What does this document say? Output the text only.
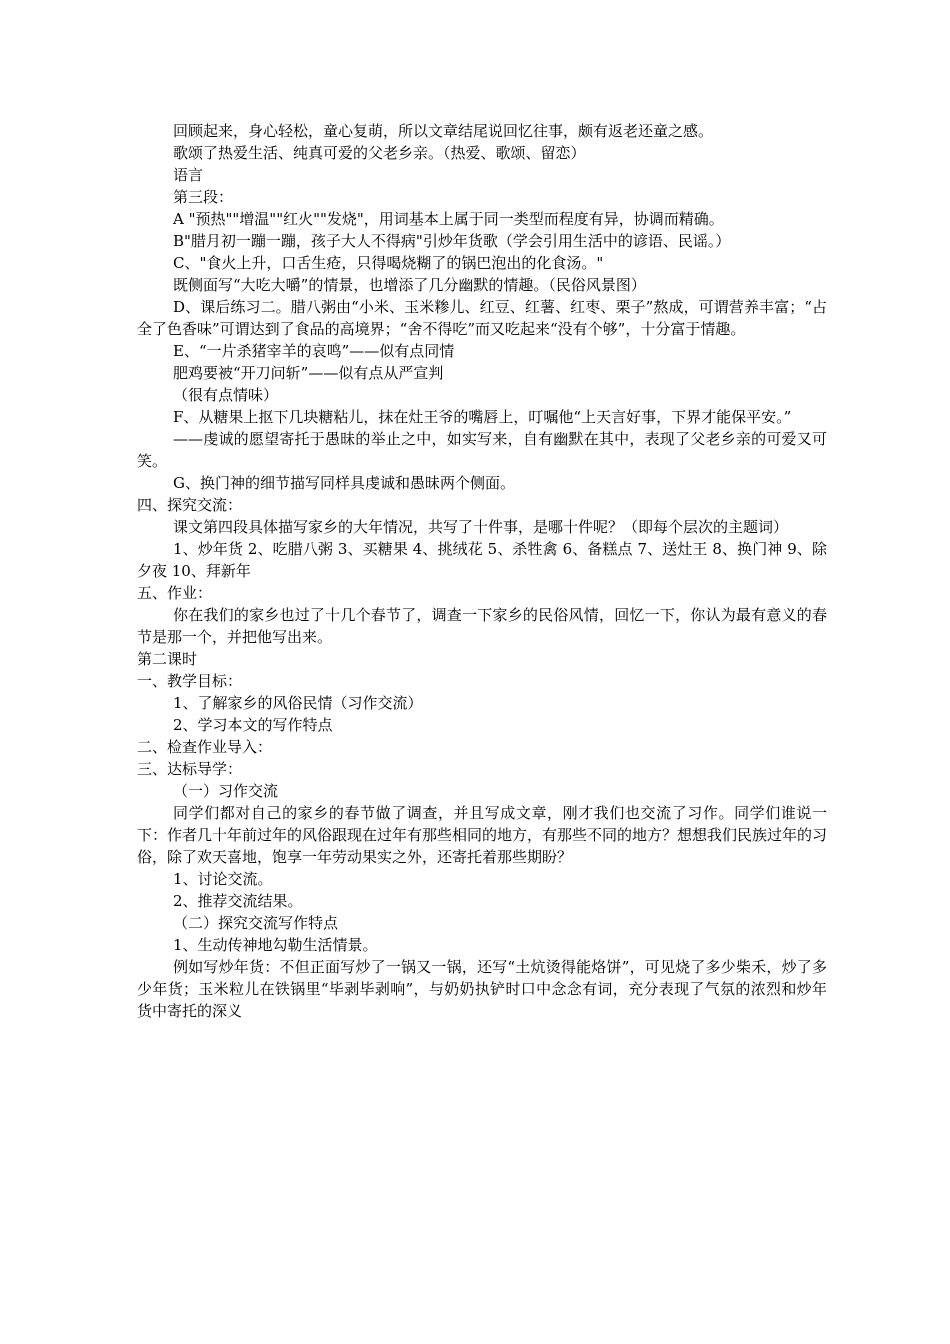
回顾起来，身心轻松，童心复萌，所以文章结尾说回忆往事，颇有返老还童之感。
歌颂了热爱生活、纯真可爱的父老乡亲。（热爱、歌颂、留恋）
语言
第三段：
A "预热""增温""红火""发烧"，用词基本上属于同一类型而程度有异，协调而精确。
B"腊月初一蹦一蹦，孩子大人不得病"引炒年货歌（学会引用生活中的谚语、民谣。）
C、"食火上升，口舌生疮，只得喝烧糊了的锅巴泡出的化食汤。"
既侧面写“大吃大嚼”的情景，也增添了几分幽默的情趣。（民俗风景图）
D、课后练习二。腊八粥由“小米、玉米糁儿、红豆、红薯、红枣、栗子”熬成，可谓营养丰富；“占全了色香味”可谓达到了食品的高境界；“舍不得吃”而又吃起来“没有个够”，十分富于情趣。
E、“一片杀猪宰羊的哀鸣”——似有点同情
肥鸡要被“开刀问斩”——似有点从严宣判
（很有点情味）
F、从糖果上抠下几块糖粘儿，抹在灶王爷的嘴唇上，叮嘱他“上天言好事，下界才能保平安。”
——虔诚的愿望寄托于愚昧的举止之中，如实写来，自有幽默在其中，表现了父老乡亲的可爱又可笑。
G、换门神的细节描写同样具虔诚和愚昧两个侧面。
四、探究交流：
课文第四段具体描写家乡的大年情况，共写了十件事，是哪十件呢？（即每个层次的主题词）
1、炒年货 2、吃腊八粥 3、买糖果 4、挑绒花 5、杀牲禽 6、备糕点 7、送灶王 8、换门神 9、除夕夜 10、拜新年
五、作业：
你在我们的家乡也过了十几个春节了，调查一下家乡的民俗风情，回忆一下，你认为最有意义的春节是那一个，并把他写出来。
第二课时
一、教学目标：
1、了解家乡的风俗民情（习作交流）
2、学习本文的写作特点
二、检查作业导入：
三、达标导学：
（一）习作交流
同学们都对自己的家乡的春节做了调查，并且写成文章，刚才我们也交流了习作。同学们谁说一下：作者几十年前过年的风俗跟现在过年有那些相同的地方，有那些不同的地方？想想我们民族过年的习俗，除了欢天喜地，饱享一年劳动果实之外，还寄托着那些期盼？
1、讨论交流。
2、推荐交流结果。
（二）探究交流写作特点
1、生动传神地勾勒生活情景。
例如写炒年货：不但正面写炒了一锅又一锅，还写“土炕烫得能烙饼”，可见烧了多少柴禾，炒了多少年货；玉米粒儿在铁锅里“毕剥毕剥响”，与奶奶执铲时口中念念有词，充分表现了气氛的浓烈和炒年货中寄托的深义
